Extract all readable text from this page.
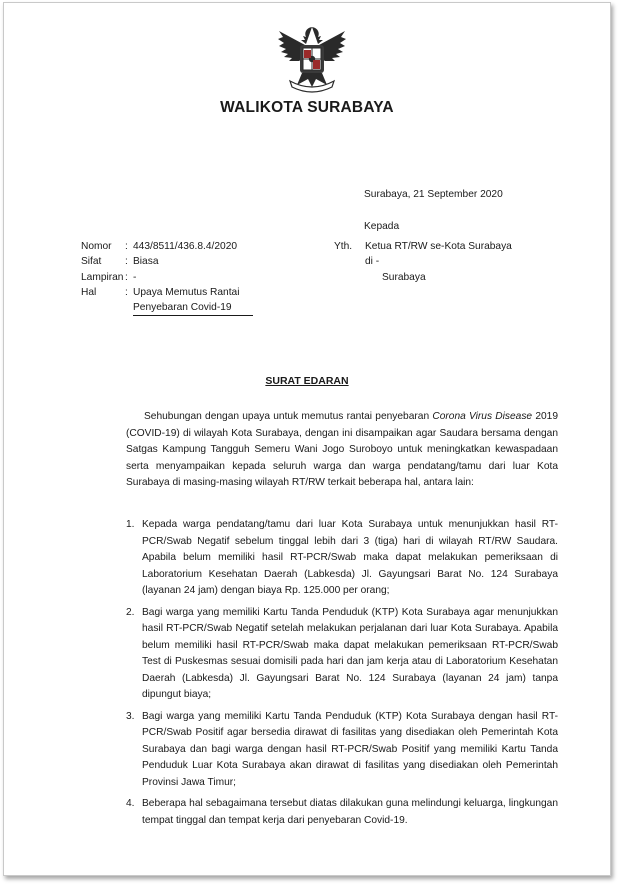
WALIKOTA SURABAYA
Surabaya, 21 September 2020
Kepada
Yth.	Ketua RT/RW se-Kota Surabaya
di -
Surabaya
Nomor	: 443/8511/436.8.4/2020
Sifat	: Biasa
Lampiran : -
Hal	: Upaya Memutus Rantai Penyebaran Covid-19
SURAT EDARAN

Sehubungan dengan upaya untuk memutus rantai penyebaran Corona Virus Disease 2019 (COVID-19) di wilayah Kota Surabaya, dengan ini disampaikan agar Saudara bersama dengan Satgas Kampung Tangguh Semeru Wani Jogo Suroboyo untuk meningkatkan kewaspadaan serta menyampaikan kepada seluruh warga dan warga pendatang/tamu dari luar Kota Surabaya di masing-masing wilayah RT/RW terkait beberapa hal, antara lain:

1. Kepada warga pendatang/tamu dari luar Kota Surabaya untuk menunjukkan hasil RT-PCR/Swab Negatif sebelum tinggal lebih dari 3 (tiga) hari di wilayah RT/RW Saudara. Apabila belum memiliki hasil RT-PCR/Swab maka dapat melakukan pemeriksaan di Laboratorium Kesehatan Daerah (Labkesda) Jl. Gayungsari Barat No. 124 Surabaya (layanan 24 jam) dengan biaya Rp. 125.000 per orang;
2. Bagi warga yang memiliki Kartu Tanda Penduduk (KTP) Kota Surabaya agar menunjukkan hasil RT-PCR/Swab Negatif setelah melakukan perjalanan dari luar Kota Surabaya. Apabila belum memiliki hasil RT-PCR/Swab maka dapat melakukan pemeriksaan RT-PCR/Swab Test di Puskesmas sesuai domisili pada hari dan jam kerja atau di Laboratorium Kesehatan Daerah (Labkesda) Jl. Gayungsari Barat No. 124 Surabaya (layanan 24 jam) tanpa dipungut biaya;
3. Bagi warga yang memiliki Kartu Tanda Penduduk (KTP) Kota Surabaya dengan hasil RT-PCR/Swab Positif agar bersedia dirawat di fasilitas yang disediakan oleh Pemerintah Kota Surabaya dan bagi warga dengan hasil RT-PCR/Swab Positif yang memiliki Kartu Tanda Penduduk Luar Kota Surabaya akan dirawat di fasilitas yang disediakan oleh Pemerintah Provinsi Jawa Timur;
4. Beberapa hal sebagaimana tersebut diatas dilakukan guna melindungi keluarga, lingkungan tempat tinggal dan tempat kerja dari penyebaran Covid-19.
